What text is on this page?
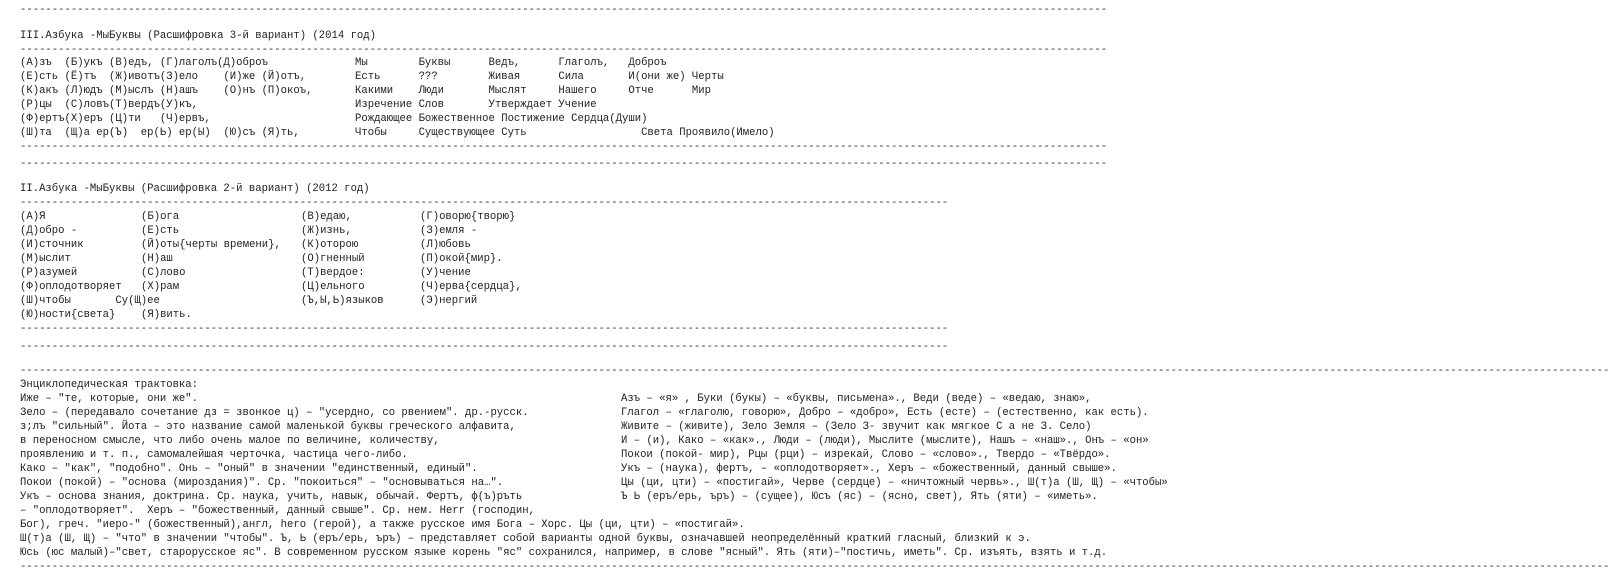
---------------------------------------------------------------------------------------------------------------------------------------------------------------------------
III.Азбука -МыБуквы (Расшифровка 3-й вариант) (2014 год)
---------------------------------------------------------------------------------------------------------------------------------------------------------------------------
(А)зъ  (Б)укъ (В)едъ, (Г)лаголъ(Д)оброъ	Мы        Буквы      Ведъ,      Глаголъ,   Доброъ
(Е)сть (Ё)тъ  (Ж)ивотъ(З)ело    (И)же (Й)отъ,	Есть      ???        Живая      Сила       И(они же) Черты
(К)акъ (Л)юдъ (М)ыслъ (Н)ашъ    (О)нъ (П)окоъ,	Какими    Люди       Мыслят     Нашего     Отче      Мир
(Р)цы  (С)ловъ(Т)вердъ(У)къ,	Изречение Слов       Утверждает Учение
(Ф)ертъ(Х)еръ (Ц)ти   (Ч)ервъ,	Рождающее Божественное Постижение Сердца(Души)
(Ш)та  (Щ)а ер(Ъ)  ер(Ь) ер(Ы)  (Ю)съ (Я)ть,	Чтобы     Существующее Суть                  Света Проявило(Имело)
---------------------------------------------------------------------------------------------------------------------------------------------------------------------------
---------------------------------------------------------------------------------------------------------------------------------------------------------------------------
II.Азбука -МыБуквы (Расшифровка 2-й вариант) (2012 год)
--------------------------------------------------------------------------------------------------------------------------------------------------
(А)Я	(Б)ога	(В)едаю,	(Г)оворю{творю}
(Д)обро -	(Е)сть	(Ж)изнь,	(З)емля -
(И)сточник	(Й)оты{черты времени}, (К)оторою	(Л)юбовь
(М)ыслит	(Н)аш	(О)гненный	(П)окой{мир}.
(Р)азумей	(С)лово	(Т)вердое:	(У)чение
(Ф)оплодотворяет (Х)рам	(Ц)ельного	(Ч)ерва{сердца},
(Ш)чтобы       Су(Щ)ее	(Ъ,Ы,Ь)языков	(Э)нергий
(Ю)ности{света} (Я)вить.
--------------------------------------------------------------------------------------------------------------------------------------------------
--------------------------------------------------------------------------------------------------------------------------------------------------
----------------------------------------------------------------------------------------------------------------------------------------------------------------------------------------------------------------------------------------------------------
Энциклопедическая трактовка:
Иже – "те, которые, они же".
Зело – (передавало сочетание дз = звонкое ц) – "усердно, со рвением". др.-русск.
з;лъ "сильный". Йота – это название самой маленькой буквы греческого алфавита,
в переносном смысле, что либо очень малое по величине, количеству,
проявлению и т. п., самомалейшая черточка, частица чего-либо.
Како – "как", "подобно". Онь – "оный" в значении "единственный, единый".
Покои (покой) – "основа (мироздания)". Ср. "покоиться" – "основываться на…".
Укъ – основа знания, доктрина. Ср. наука, учить, навык, обычай. Фертъ, ф(ъ)ръть
– "оплодотворяет".  Херъ – "божественный, данный свыше". Ср. нем. Herr (господин,
Азъ – «я» , Буки (букы) – «буквы, письмена»., Веди (веде) – «ведаю, знаю»,
Глагол – «глаголю, говорю», Добро – «добро», Есть (есте) – (естественно, как есть).
Живите – (живите), Зело Земля – (Зело З- звучит как мягкое С а не З. Село)
И – (и), Како – «как»., Люди – (люди), Мыслите (мыслите), Нашъ – «наш»., Онъ – «он»
Покои (покой- мир), Рцы (рци) – изрекай, Слово – «слово»., Твердо – «Твёрдо».
Укъ – (наука), фертъ, – «оплодотворяет»., Херъ – «божественный, данный свыше».
Цы (ци, цти) – «постигай», Черве (сердце) – «ничтожный червь»., Ш(т)а (Ш, Щ) – «чтобы»
Ъ Ь (еръ/ерь, ъръ) – (сущее), Юсъ (яс) – (ясно, свет), Ять (яти) – «иметь».
Бог), греч. "иеро-" (божественный),англ, hero (герой), а также русское имя Бога – Хорс. Цы (ци, цти) – «постигай».
Ш(т)а (Ш, Щ) – "что" в значении "чтобы". Ъ, Ь (еръ/ерь, ъръ) – представляет собой варианты одной буквы, означавшей неопределённый краткий гласный, близкий к э.
Юсь (юс малый)–"свет, старорусское яс". В современном русском языке корень "яс" сохранился, например, в слове "ясный". Ять (яти)–"постичь, иметь". Ср. изъять, взять и т.д.
----------------------------------------------------------------------------------------------------------------------------------------------------------------------------------------------------------------------------------------------------------
